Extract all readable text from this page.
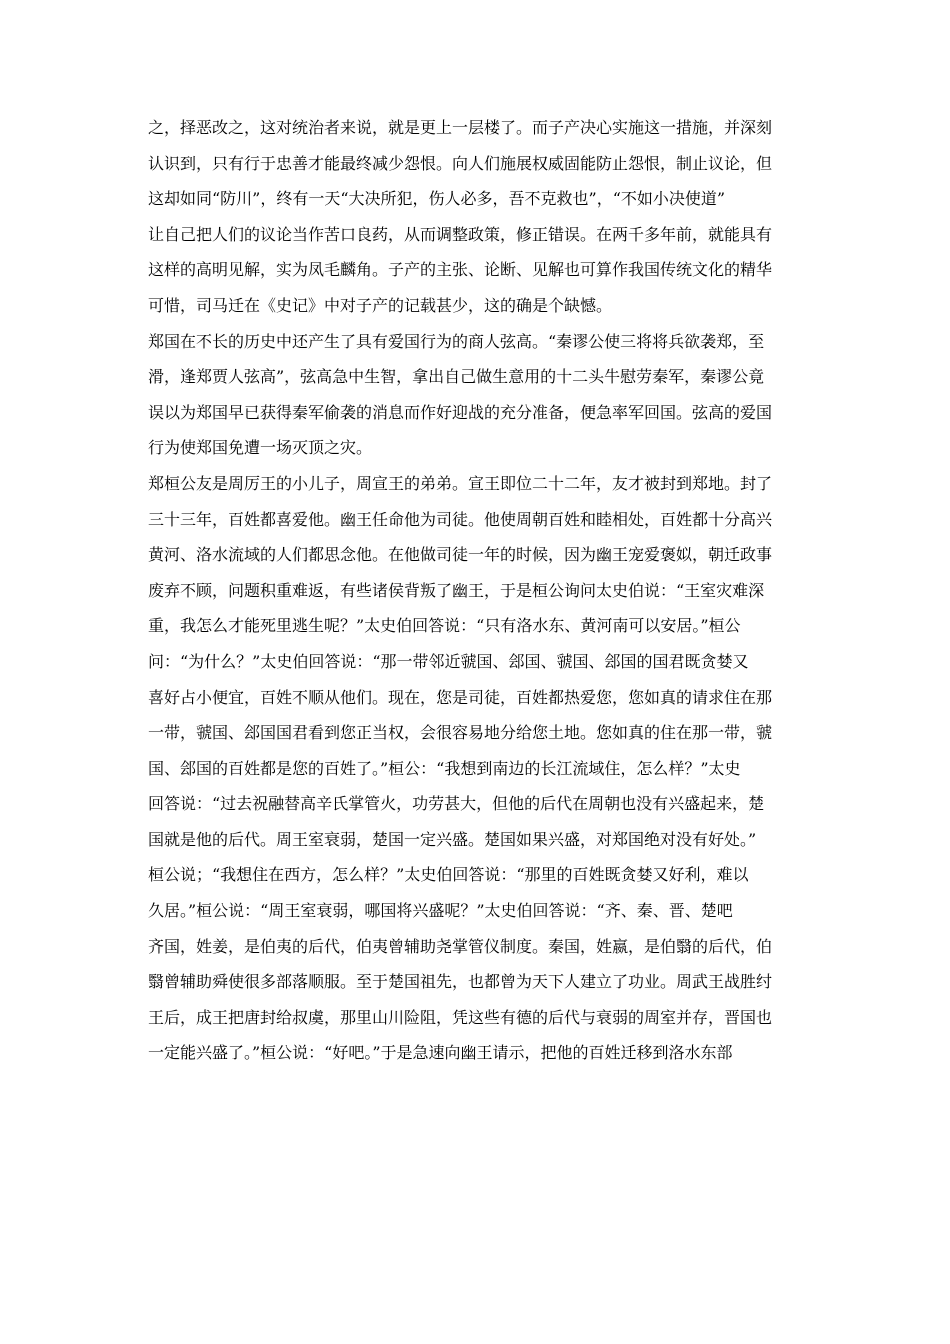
之，择恶改之，这对统治者来说，就是更上一层楼了。而子产决心实施这一措施，并深刻
认识到，只有行于忠善才能最终减少怨恨。向人们施展权威固能防止怨恨，制止议论，但
这却如同“防川”，终有一天“大决所犯，伤人必多，吾不克救也”，“不如小决使道”
让自己把人们的议论当作苦口良药，从而调整政策，修正错误。在两千多年前，就能具有
这样的高明见解，实为凤毛麟角。子产的主张、论断、见解也可算作我国传统文化的精华
可惜，司马迁在《史记》中对子产的记载甚少，这的确是个缺憾。
郑国在不长的历史中还产生了具有爱国行为的商人弦高。“秦谬公使三将将兵欲袭郑，至
滑，逢郑贾人弦高”，弦高急中生智，拿出自己做生意用的十二头牛慰劳秦军，秦谬公竟
误以为郑国早已获得秦军偷袭的消息而作好迎战的充分准备，便急率军回国。弦高的爱国
行为使郑国免遭一场灭顶之灾。
郑桓公友是周厉王的小儿子，周宣王的弟弟。宣王即位二十二年，友才被封到郑地。封了
三十三年，百姓都喜爱他。幽王任命他为司徒。他使周朝百姓和睦相处，百姓都十分高兴
黄河、洛水流域的人们都思念他。在他做司徒一年的时候，因为幽王宠爱褒姒，朝迁政事
废弃不顾，问题积重难返，有些诸侯背叛了幽王，于是桓公询问太史伯说：“王室灾难深
重，我怎么才能死里逃生呢？”太史伯回答说：“只有洛水东、黄河南可以安居。”桓公
问：“为什么？”太史伯回答说：“那一带邻近虢国、郐国、虢国、郐国的国君既贪婪又
喜好占小便宜，百姓不顺从他们。现在，您是司徒，百姓都热爱您，您如真的请求住在那
一带，虢国、郐国国君看到您正当权，会很容易地分给您土地。您如真的住在那一带，虢
国、郐国的百姓都是您的百姓了。”桓公：“我想到南边的长江流域住，怎么样？”太史
回答说：“过去祝融替高辛氏掌管火，功劳甚大，但他的后代在周朝也没有兴盛起来，楚
国就是他的后代。周王室衰弱，楚国一定兴盛。楚国如果兴盛，对郑国绝对没有好处。”
桓公说；“我想住在西方，怎么样？”太史伯回答说：“那里的百姓既贪婪又好利，难以
久居。”桓公说：“周王室衰弱，哪国将兴盛呢？”太史伯回答说：“齐、秦、晋、楚吧
齐国，姓姜，是伯夷的后代，伯夷曾辅助尧掌管仪制度。秦国，姓嬴，是伯翳的后代，伯
翳曾辅助舜使很多部落顺服。至于楚国祖先，也都曾为天下人建立了功业。周武王战胜纣
王后，成王把唐封给叔虞，那里山川险阻，凭这些有德的后代与衰弱的周室并存，晋国也
一定能兴盛了。”桓公说：“好吧。”于是急速向幽王请示，把他的百姓迁移到洛水东部
